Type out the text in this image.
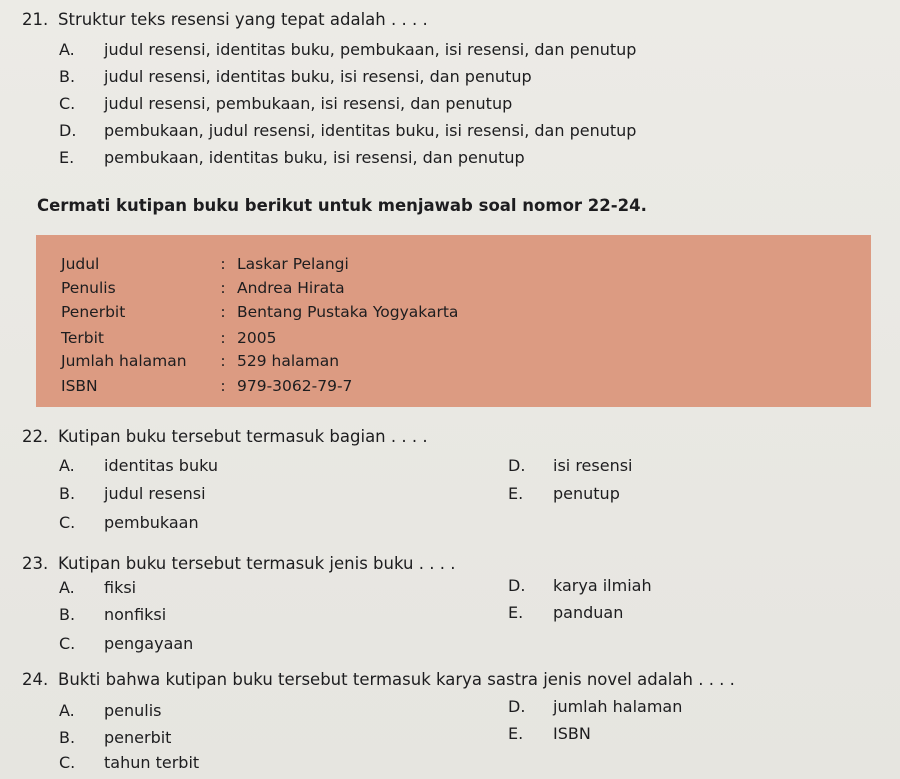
21. Struktur teks resensi yang tepat adalah . . . .
A. judul resensi, identitas buku, pembukaan, isi resensi, dan penutup
B. judul resensi, identitas buku, isi resensi, dan penutup
C. judul resensi, pembukaan, isi resensi, dan penutup
D. pembukaan, judul resensi, identitas buku, isi resensi, dan penutup
E. pembukaan, identitas buku, isi resensi, dan penutup
Cermati kutipan buku berikut untuk menjawab soal nomor 22-24.
Judul	: Laskar Pelangi
Penulis	: Andrea Hirata
Penerbit	: Bentang Pustaka Yogyakarta
Terbit	: 2005
Jumlah halaman : 529 halaman
ISBN	: 979-3062-79-7
22. Kutipan buku tersebut termasuk bagian . . . .
A. identitas buku
B. judul resensi
C. pembukaan
D. isi resensi
E. penutup
23. Kutipan buku tersebut termasuk jenis buku . . . .
A. fiksi
B. nonfiksi
C. pengayaan
D. karya ilmiah
E. panduan
24. Bukti bahwa kutipan buku tersebut termasuk karya sastra jenis novel adalah . . . .
A. penulis
B. penerbit
C. tahun terbit
D. jumlah halaman
E. ISBN
